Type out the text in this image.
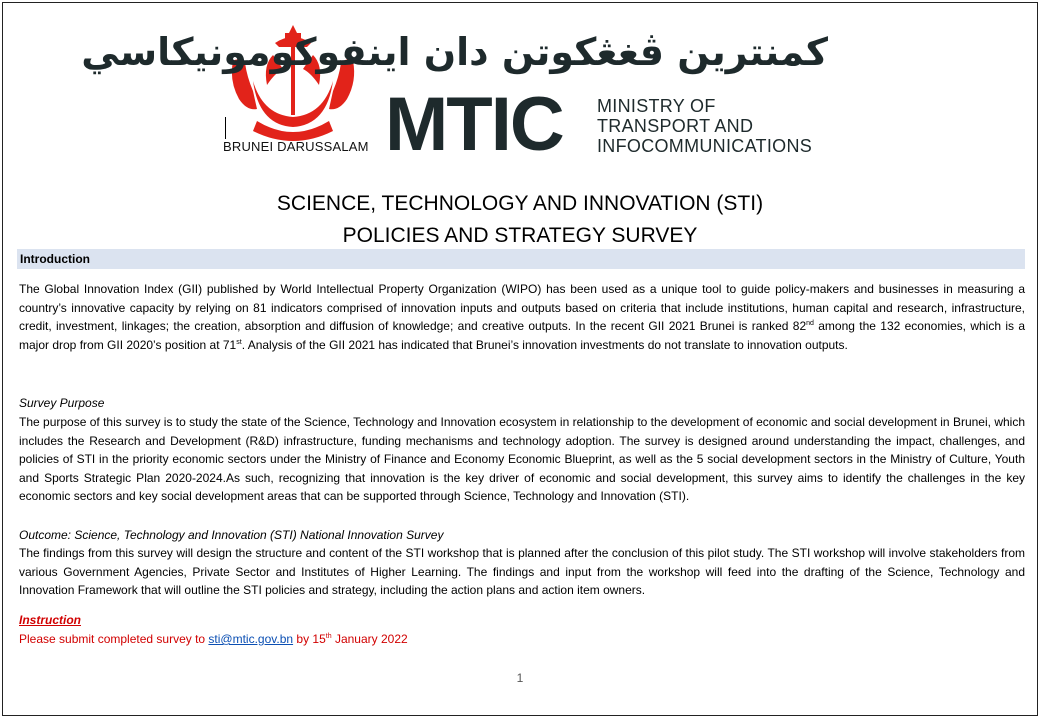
BRUNEI DARUSSALAM
كمنترين ڤغڠكوتن دان اينفوكومونيكاسي
MTIC MINISTRY OF
TRANSPORT AND
INFOCOMMUNICATIONS
SCIENCE, TECHNOLOGY AND INNOVATION (STI)
POLICIES AND STRATEGY SURVEY
Introduction
The Global Innovation Index (GII) published by World Intellectual Property Organization (WIPO) has been used as a unique tool to guide policy-makers and businesses in measuring a country’s innovative capacity by relying on 81 indicators comprised of innovation inputs and outputs based on criteria that include institutions, human capital and research, infrastructure, credit, investment, linkages; the creation, absorption and diffusion of knowledge; and creative outputs. In the recent GII 2021 Brunei is ranked 82nd among the 132 economies, which is a major drop from GII 2020’s position at 71st. Analysis of the GII 2021 has indicated that Brunei’s innovation investments do not translate to innovation outputs.
Survey Purpose
The purpose of this survey is to study the state of the Science, Technology and Innovation ecosystem in relationship to the development of economic and social development in Brunei, which includes the Research and Development (R&D) infrastructure, funding mechanisms and technology adoption. The survey is designed around understanding the impact, challenges, and policies of STI in the priority economic sectors under the Ministry of Finance and Economy Economic Blueprint, as well as the 5 social development sectors in the Ministry of Culture, Youth and Sports Strategic Plan 2020-2024.As such, recognizing that innovation is the key driver of economic and social development, this survey aims to identify the challenges in the key economic sectors and key social development areas that can be supported through Science, Technology and Innovation (STI).
Outcome: Science, Technology and Innovation (STI) National Innovation Survey
The findings from this survey will design the structure and content of the STI workshop that is planned after the conclusion of this pilot study. The STI workshop will involve stakeholders from various Government Agencies, Private Sector and Institutes of Higher Learning. The findings and input from the workshop will feed into the drafting of the Science, Technology and Innovation Framework that will outline the STI policies and strategy, including the action plans and action item owners.
Instruction
Please submit completed survey to sti@mtic.gov.bn by 15th January 2022
1
